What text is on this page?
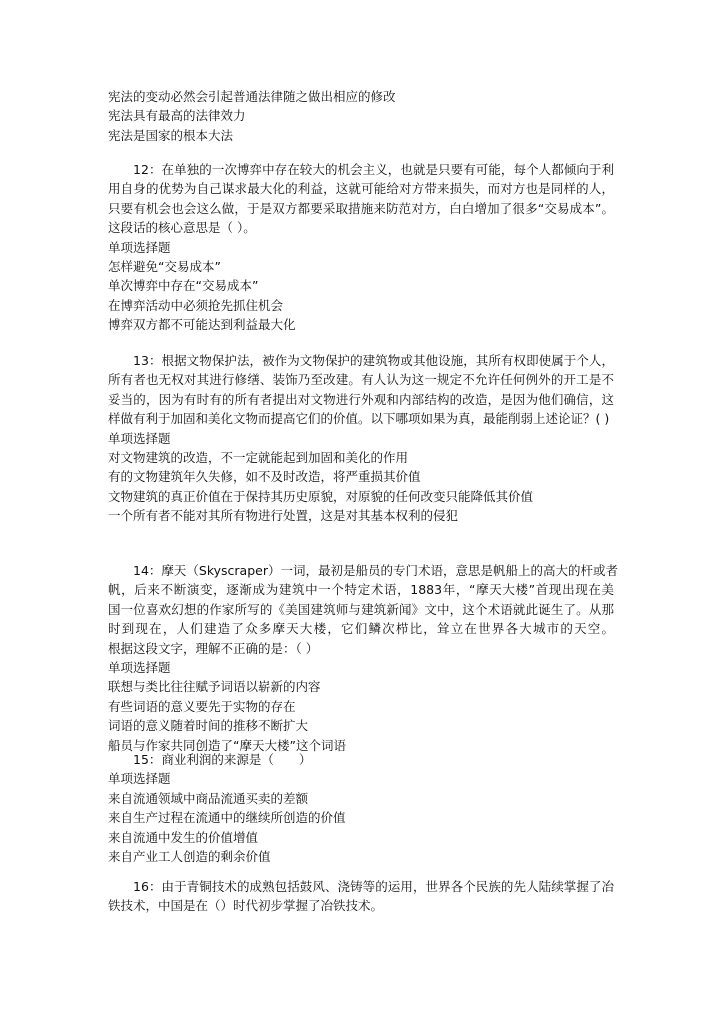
宪法的变动必然会引起普通法律随之做出相应的修改
宪法具有最高的法律效力
宪法是国家的根本大法
12：在单独的一次博弈中存在较大的机会主义，也就是只要有可能，每个人都倾向于利
用自身的优势为自己谋求最大化的利益，这就可能给对方带来损失，而对方也是同样的人，
只要有机会也会这么做，于是双方都要采取措施来防范对方，白白增加了很多“交易成本”。
这段话的核心意思是（ ）。
单项选择题
怎样避免“交易成本”
单次博弈中存在“交易成本”
在博弈活动中必须抢先抓住机会
博弈双方都不可能达到利益最大化
13：根据文物保护法，被作为文物保护的建筑物或其他设施，其所有权即使属于个人，
所有者也无权对其进行修缮、装饰乃至改建。有人认为这一规定不允许任何例外的开工是不
妥当的，因为有时有的所有者提出对文物进行外观和内部结构的改造，是因为他们确信，这
样做有利于加固和美化文物而提高它们的价值。以下哪项如果为真，最能削弱上述论证？( )
单项选择题
对文物建筑的改造，不一定就能起到加固和美化的作用
有的文物建筑年久失修，如不及时改造，将严重损其价值
文物建筑的真正价值在于保持其历史原貌，对原貌的任何改变只能降低其价值
一个所有者不能对其所有物进行处置，这是对其基本权利的侵犯
14：摩天（Skyscraper）一词，最初是船员的专门术语，意思是帆船上的高大的杆或者
帆，后来不断演变，逐渐成为建筑中一个特定术语，1883年，“摩天大楼”首现出现在美
国一位喜欢幻想的作家所写的《美国建筑师与建筑新闻》文中，这个术语就此诞生了。从那
时到现在，人们建造了众多摩天大楼，它们鳞次栉比，耸立在世界各大城市的天空。
根据这段文字，理解不正确的是：（ ）
单项选择题
联想与类比往往赋予词语以崭新的内容
有些词语的意义要先于实物的存在
词语的意义随着时间的推移不断扩大
船员与作家共同创造了“摩天大楼”这个词语
15：商业利润的来源是（　　）
单项选择题
来自流通领域中商品流通买卖的差额
来自生产过程在流通中的继续所创造的价值
来自流通中发生的价值增值
来自产业工人创造的剩余价值
16：由于青铜技术的成熟包括鼓风、浇铸等的运用，世界各个民族的先人陆续掌握了冶
铁技术，中国是在（）时代初步掌握了冶铁技术。
